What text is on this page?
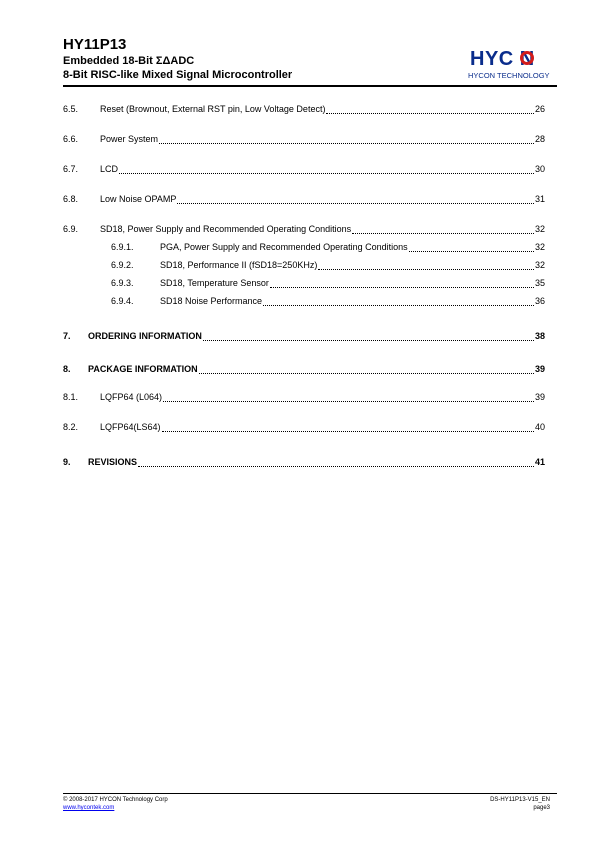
HY11P13
Embedded 18-Bit ΣΔADC
8-Bit RISC-like Mixed Signal Microcontroller
HYC N
HYCON TECHNOLOGY
6.5. Reset (Brownout, External RST pin, Low Voltage Detect)	26
6.6. Power System	28
6.7. LCD	30
6.8. Low Noise OPAMP	31
6.9. SD18, Power Supply and Recommended Operating Conditions	32
6.9.1.	PGA, Power Supply and Recommended Operating Conditions	32
6.9.2.	SD18, Performance II (fSD18=250KHz)	32
6.9.3.	SD18, Temperature Sensor	35
6.9.4.	SD18 Noise Performance	36
7. ORDERING INFORMATION	38
8. PACKAGE INFORMATION	39
8.1. LQFP64 (L064)	39
8.2. LQFP64(LS64)	40
9. REVISIONS	41
© 2008-2017 HYCON Technology Corp
www.hycontek.com
DS-HY11P13-V15_EN
page3
